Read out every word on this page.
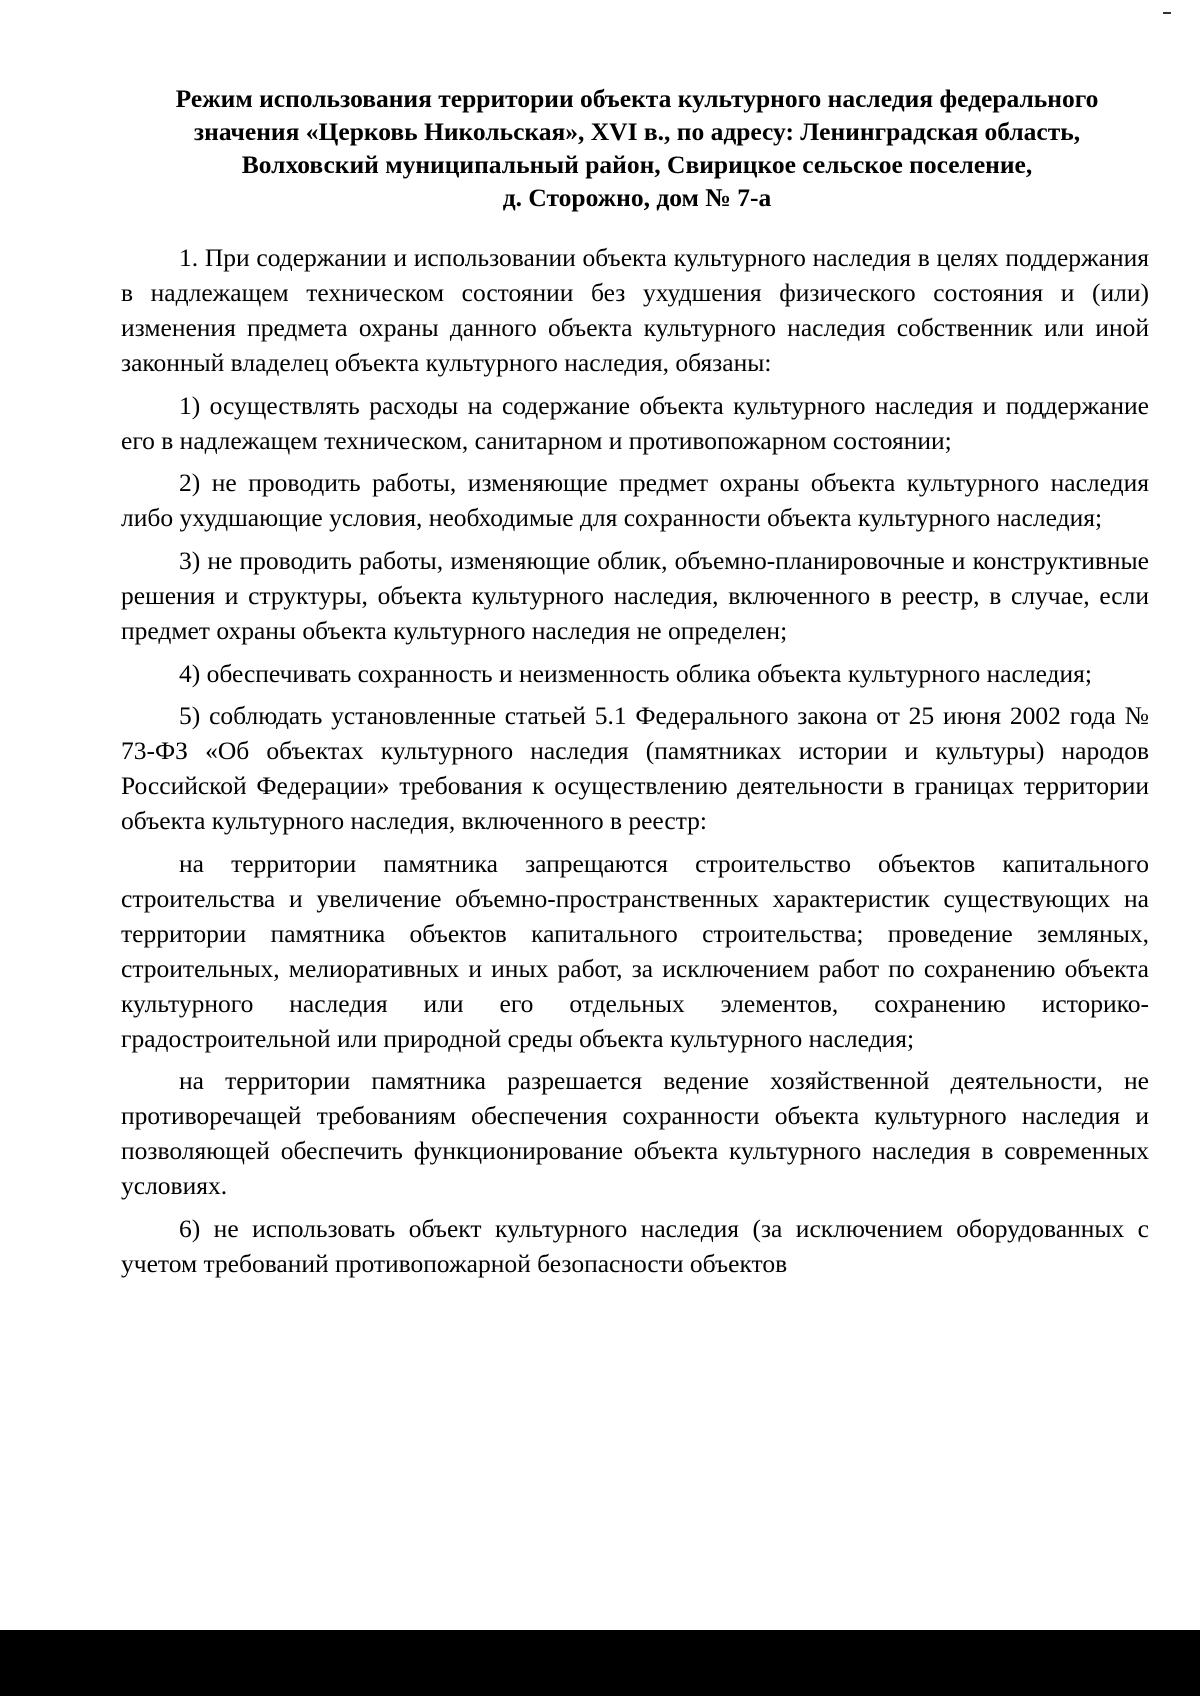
Режим использования территории объекта культурного наследия федерального
значения «Церковь Никольская», XVI в., по адресу: Ленинградская область,
Волховский муниципальный район, Свирицкое сельское поселение,
д. Сторожно, дом № 7-а

1. При содержании и использовании объекта культурного наследия в целях поддержания в надлежащем техническом состоянии без ухудшения физического состояния и (или) изменения предмета охраны данного объекта культурного наследия собственник или иной законный владелец объекта культурного наследия, обязаны:

1) осуществлять расходы на содержание объекта культурного наследия и поддержание его в надлежащем техническом, санитарном и противопожарном состоянии;

2) не проводить работы, изменяющие предмет охраны объекта культурного наследия либо ухудшающие условия, необходимые для сохранности объекта культурного наследия;

3) не проводить работы, изменяющие облик, объемно-планировочные и конструктивные решения и структуры, объекта культурного наследия, включенного в реестр, в случае, если предмет охраны объекта культурного наследия не определен;

4) обеспечивать сохранность и неизменность облика объекта культурного наследия;

5) соблюдать установленные статьей 5.1 Федерального закона от 25 июня 2002 года № 73-ФЗ «Об объектах культурного наследия (памятниках истории и культуры) народов Российской Федерации» требования к осуществлению деятельности в границах территории объекта культурного наследия, включенного в реестр:

на территории памятника запрещаются строительство объектов капитального строительства и увеличение объемно-пространственных характеристик существующих на территории памятника объектов капитального строительства; проведение земляных, строительных, мелиоративных и иных работ, за исключением работ по сохранению объекта культурного наследия или его отдельных элементов, сохранению историко-градостроительной или природной среды объекта культурного наследия;

на территории памятника разрешается ведение хозяйственной деятельности, не противоречащей требованиям обеспечения сохранности объекта культурного наследия и позволяющей обеспечить функционирование объекта культурного наследия в современных условиях.

6) не использовать объект культурного наследия (за исключением оборудованных с учетом требований противопожарной безопасности объектов
